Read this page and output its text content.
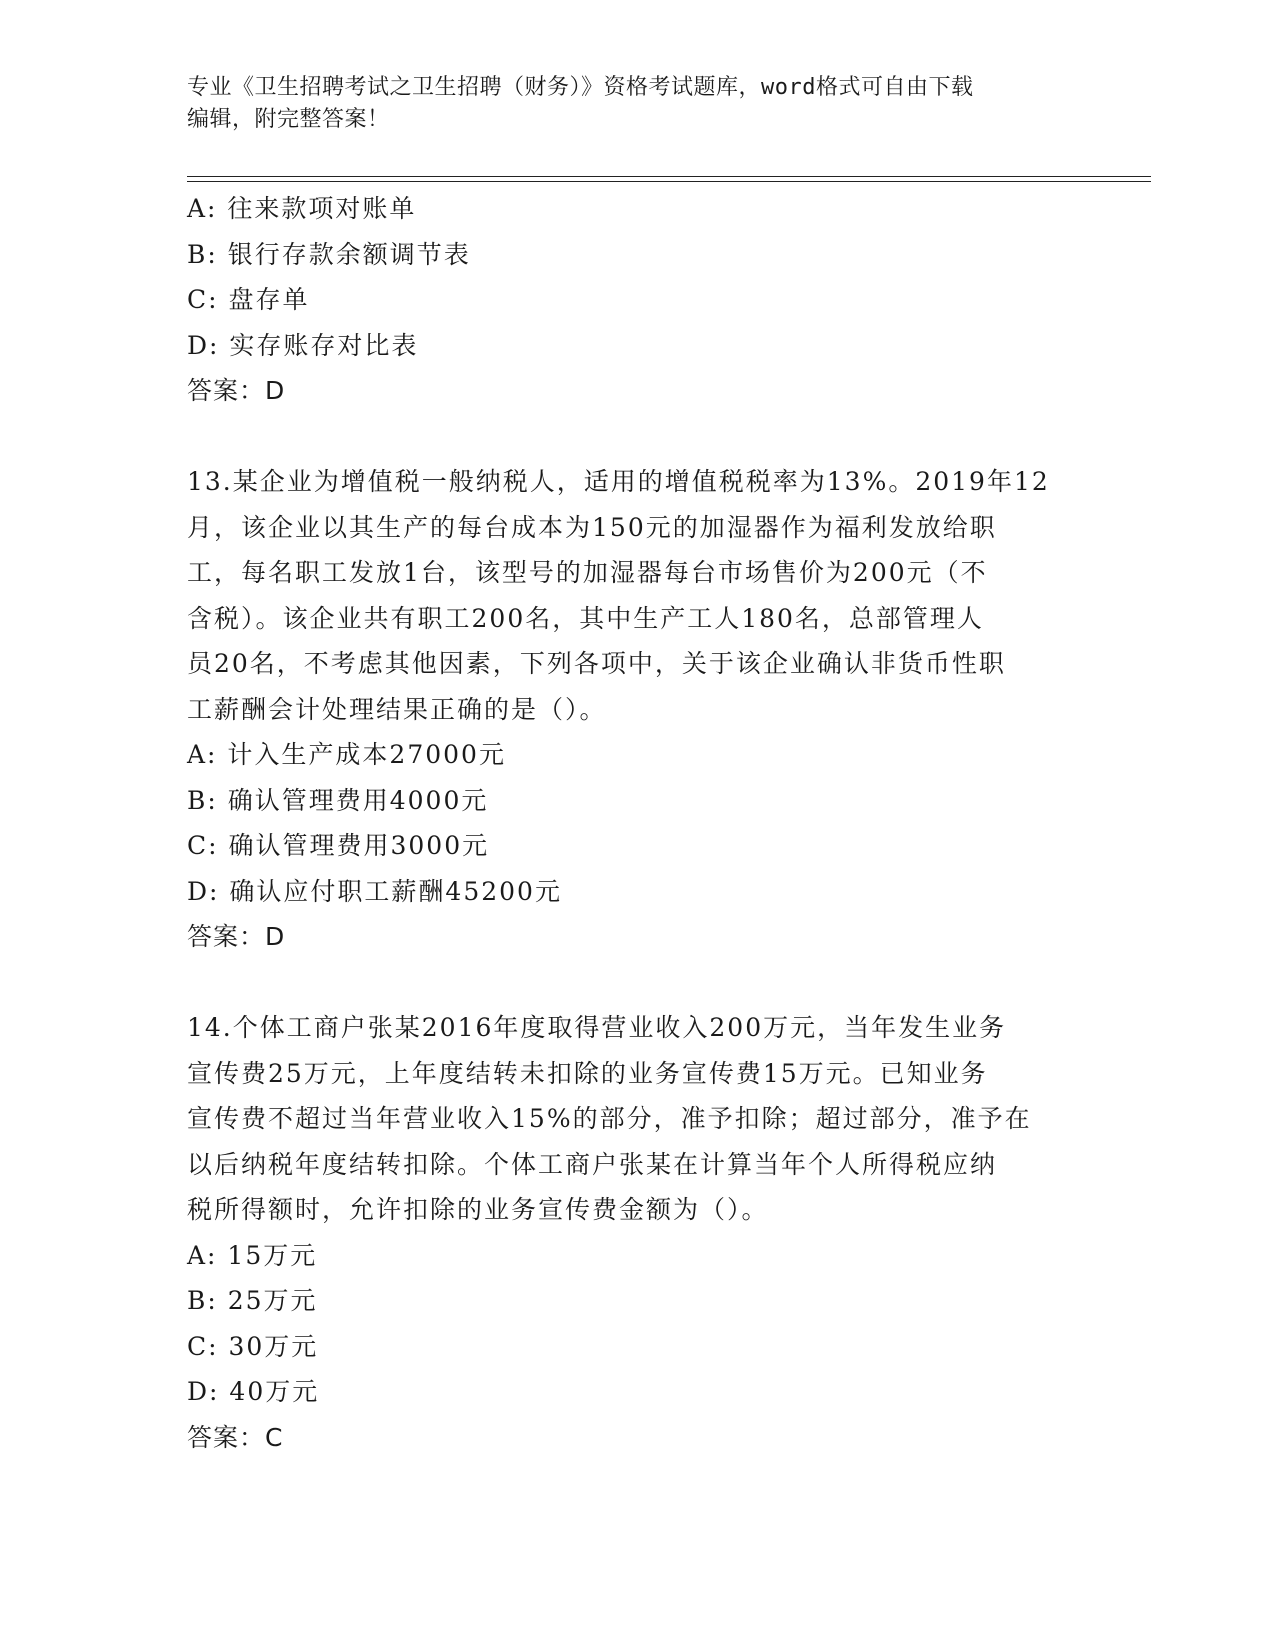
专业《卫生招聘考试之卫生招聘（财务）》资格考试题库，word格式可自由下载
编辑，附完整答案！
A: 往来款项对账单
B: 银行存款余额调节表
C: 盘存单
D: 实存账存对比表
答案：D
13.某企业为增值税一般纳税人，适用的增值税税率为13%。2019年12
月，该企业以其生产的每台成本为150元的加湿器作为福利发放给职
工，每名职工发放1台，该型号的加湿器每台市场售价为200元（不
含税）。该企业共有职工200名，其中生产工人180名，总部管理人
员20名，不考虑其他因素，下列各项中，关于该企业确认非货币性职
工薪酬会计处理结果正确的是（）。
A: 计入生产成本27000元
B: 确认管理费用4000元
C: 确认管理费用3000元
D: 确认应付职工薪酬45200元
答案：D
14.个体工商户张某2016年度取得营业收入200万元，当年发生业务
宣传费25万元，上年度结转未扣除的业务宣传费15万元。已知业务
宣传费不超过当年营业收入15%的部分，准予扣除；超过部分，准予在
以后纳税年度结转扣除。个体工商户张某在计算当年个人所得税应纳
税所得额时，允许扣除的业务宣传费金额为（）。
A: 15万元
B: 25万元
C: 30万元
D: 40万元
答案：C
